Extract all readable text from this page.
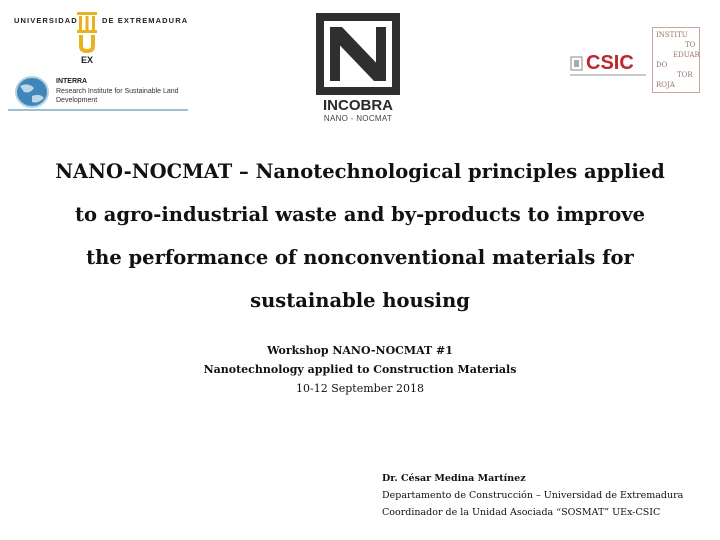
UNIVERSIDAD
EX
DE EXTREMADURA
INTERRA
Research Institute for Sustainable Land Development	INCOBRA
NANO - NOCMAT
CSIC
INSTITU
TO
EDUAR
DO
TOR
ROJA
NANO-NOCMAT – Nanotechnological principles applied
to agro-industrial waste and by-products to improve
the performance of nonconventional materials for
sustainable housing
Workshop NANO-NOCMAT #1
Nanotechnology applied to Construction Materials
10-12 September 2018
Dr. César Medina Martínez
Departamento de Construcción – Universidad de Extremadura
Coordinador de la Unidad Asociada “SOSMAT” UEx-CSIC
